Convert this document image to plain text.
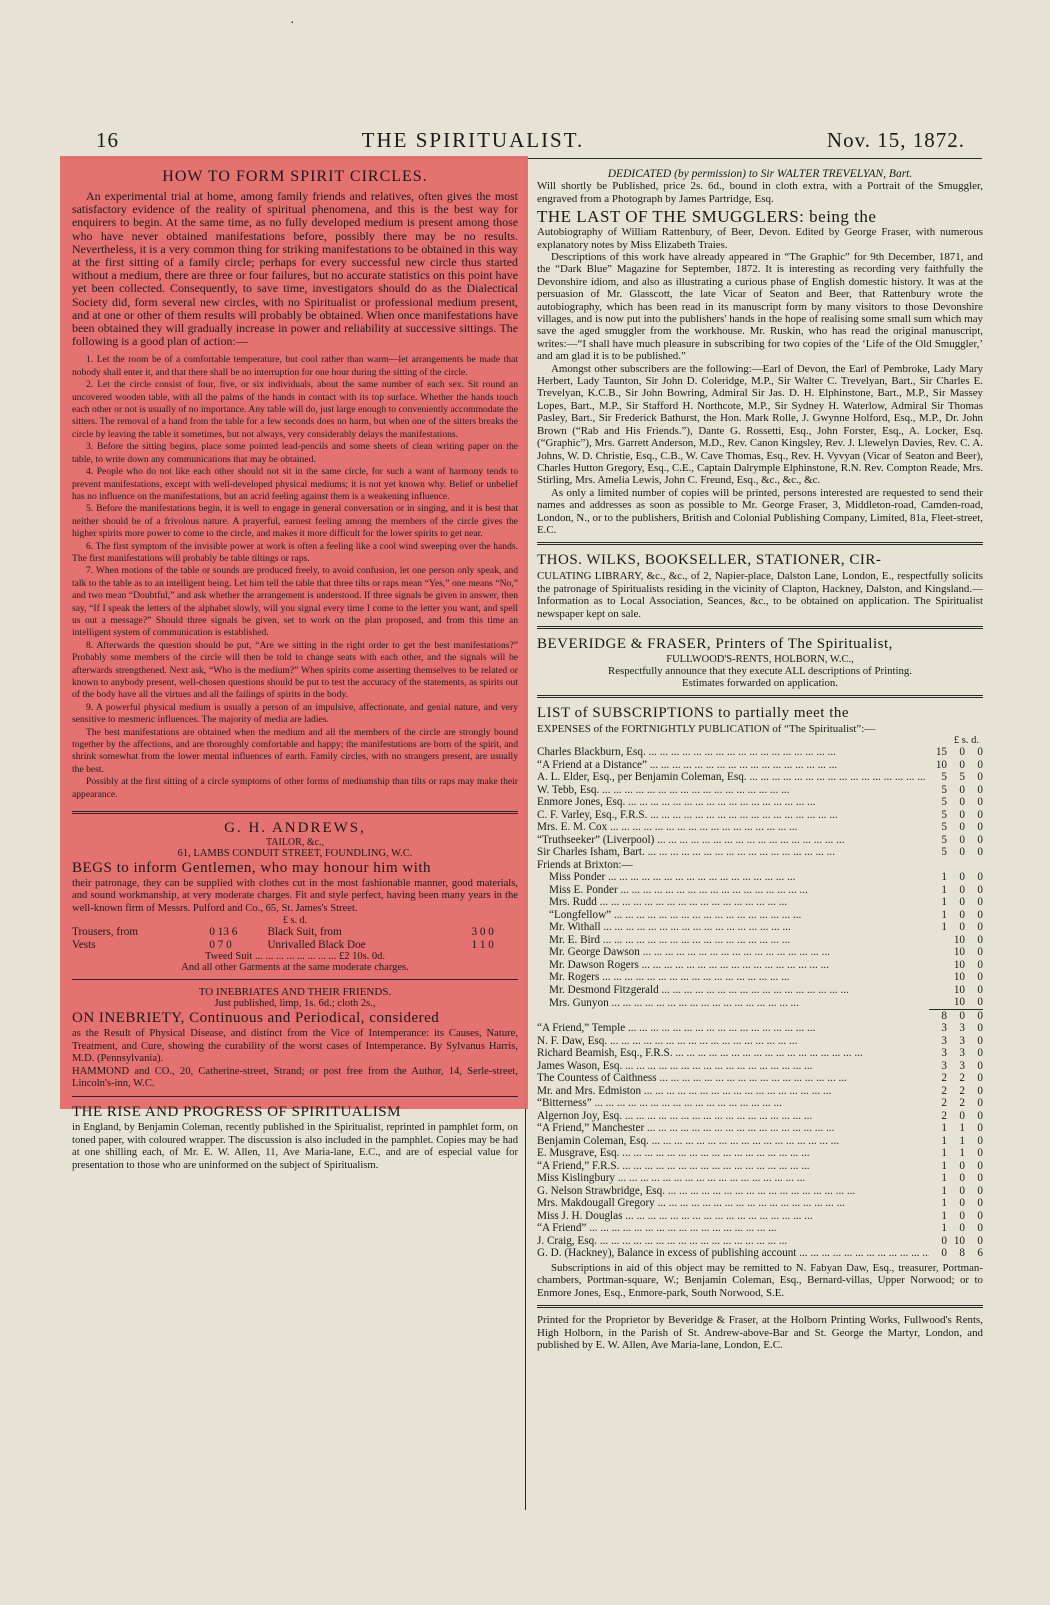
·
16	THE SPIRITUALIST.	Nov. 15, 1872.
HOW TO FORM SPIRIT CIRCLES.

An experimental trial at home, among family friends and relatives, often gives the most satisfactory evidence of the reality of spiritual phenomena, and this is the best way for enquirers to begin. At the same time, as no fully developed medium is present among those who have never obtained manifestations before, possibly there may be no results. Nevertheless, it is a very common thing for striking manifestations to be obtained in this way at the first sitting of a family circle; perhaps for every successful new circle thus started without a medium, there are three or four failures, but no accurate statistics on this point have yet been collected. Consequently, to save time, investigators should do as the Dialectical Society did, form several new circles, with no Spiritualist or professional medium present, and at one or other of them results will probably be obtained. When once manifestations have been obtained they will gradually increase in power and reliability at successive sittings. The following is a good plan of action:—

1. Let the room be of a comfortable temperature, but cool rather than warm—let arrangements be made that nobody shall enter it, and that there shall be no interruption for one hour during the sitting of the circle.

2. Let the circle consist of four, five, or six individuals, about the same number of each sex. Sit round an uncovered wooden table, with all the palms of the hands in contact with its top surface. Whether the hands touch each other or not is usually of no importance. Any table will do, just large enough to conveniently accommodate the sitters. The removal of a hand from the table for a few seconds does no harm, but when one of the sitters breaks the circle by leaving the table it sometimes, but not always, very considerably delays the manifestations.

3. Before the sitting begins, place some pointed lead-pencils and some sheets of clean writing paper on the table, to write down any communications that may be obtained.

4. People who do not like each other should not sit in the same circle, for such a want of harmony tends to prevent manifestations, except with well-developed physical mediums; it is not yet known why. Belief or unbelief has no influence on the manifestations, but an acrid feeling against them is a weakening influence.

5. Before the manifestations begin, it is well to engage in general conversation or in singing, and it is best that neither should be of a frivolous nature. A prayerful, earnest feeling among the members of the circle gives the higher spirits more power to come to the circle, and makes it more difficult for the lower spirits to get near.

6. The first symptom of the invisible power at work is often a feeling like a cool wind sweeping over the hands. The first manifestations will probably be table tiltings or raps.

7. When motions of the table or sounds are produced freely, to avoid confusion, let one person only speak, and talk to the table as to an intelligent being. Let him tell the table that three tilts or raps mean “Yes,” one means “No,” and two mean “Doubtful,” and ask whether the arrangement is understood. If three signals be given in answer, then say, “If I speak the letters of the alphabet slowly, will you signal every time I come to the letter you want, and spell us out a message?” Should three signals be given, set to work on the plan proposed, and from this time an intelligent system of communication is established.

8. Afterwards the question should be put, “Are we sitting in the right order to get the best manifestations?” Probably some members of the circle will then be told to change seats with each other, and the signals will be afterwards strengthened. Next ask, “Who is the medium?” When spirits come asserting themselves to be related or known to anybody present, well-chosen questions should be put to test the accuracy of the statements, as spirits out of the body have all the virtues and all the failings of spirits in the body.

9. A powerful physical medium is usually a person of an impulsive, affectionate, and genial nature, and very sensitive to mesmeric influences. The majority of media are ladies.

The best manifestations are obtained when the medium and all the members of the circle are strongly bound together by the affections, and are thoroughly comfortable and happy; the manifestations are born of the spirit, and shrink somewhat from the lower mental influences of earth. Family circles, with no strangers present, are usually the best.

Possibly at the first sitting of a circle symptoms of other forms of mediumship than tilts or raps may make their appearance.

G. H. ANDREWS,
TAILOR, &c.,
61, LAMBS CONDUIT STREET, FOUNDLING, W.C.

BEGS to inform Gentlemen, who may honour him with

their patronage, they can be supplied with clothes cut in the most fashionable manner, good materials, and sound workmanship, at very moderate charges. Fit and style perfect, having been many years in the well-known firm of Messrs. Pulford and Co., 65, St. James's Street.

£ s. d.
Trousers, from	0 13 6	Black Suit, from	3 0 0
Vests	0 7 0	Unrivalled Black Doe	1 1 0
Tweed Suit ... ... ... ... ... ... ... ... £2 10s. 0d.
And all other Garments at the same moderate charges.
TO INEBRIATES AND THEIR FRIENDS.
Just published, limp, 1s. 6d.; cloth 2s.,

ON INEBRIETY, Continuous and Periodical, considered

as the Result of Physical Disease, and distinct from the Vice of Intemperance: its Causes, Nature, Treatment, and Cure, showing the curability of the worst cases of Intemperance. By Sylvanus Harris, M.D. (Pennsylvania).

HAMMOND and CO., 20, Catherine-street, Strand; or post free from the Author, 14, Serle-street, Lincoln's-inn, W.C.

THE RISE AND PROGRESS OF SPIRITUALISM

in England, by Benjamin Coleman, recently published in the Spiritualist, reprinted in pamphlet form, on toned paper, with coloured wrapper. The discussion is also included in the pamphlet. Copies may be had at one shilling each, of Mr. E. W. Allen, 11, Ave Maria-lane, E.C., and are of especial value for presentation to those who are uninformed on the subject of Spiritualism.

DEDICATED (by permission) to Sir WALTER TREVELYAN, Bart.

Will shortly be Published, price 2s. 6d., bound in cloth extra, with a Portrait of the Smuggler, engraved from a Photograph by James Partridge, Esq.

THE LAST OF THE SMUGGLERS: being the

Autobiography of William Rattenbury, of Beer, Devon. Edited by George Fraser, with numerous explanatory notes by Miss Elizabeth Traies.

Descriptions of this work have already appeared in “The Graphic” for 9th December, 1871, and the “Dark Blue” Magazine for September, 1872. It is interesting as recording very faithfully the Devonshire idiom, and also as illustrating a curious phase of English domestic history. It was at the persuasion of Mr. Glasscott, the late Vicar of Seaton and Beer, that Rattenbury wrote the autobiography, which has been read in its manuscript form by many visitors to those Devonshire villages, and is now put into the publishers' hands in the hope of realising some small sum which may save the aged smuggler from the workhouse. Mr. Ruskin, who has read the original manuscript, writes:—“I shall have much pleasure in subscribing for two copies of the ‘Life of the Old Smuggler,’ and am glad it is to be published.”

Amongst other subscribers are the following:—Earl of Devon, the Earl of Pembroke, Lady Mary Herbert, Lady Taunton, Sir John D. Coleridge, M.P., Sir Walter C. Trevelyan, Bart., Sir Charles E. Trevelyan, K.C.B., Sir John Bowring, Admiral Sir Jas. D. H. Elphinstone, Bart., M.P., Sir Massey Lopes, Bart., M.P., Sir Stafford H. Northcote, M.P., Sir Sydney H. Waterlow, Admiral Sir Thomas Pasley, Bart., Sir Frederick Bathurst, the Hon. Mark Rolle, J. Gwynne Holford, Esq., M.P., Dr. John Brown (“Rab and His Friends.”), Dante G. Rossetti, Esq., John Forster, Esq., A. Locker, Esq. (“Graphic”), Mrs. Garrett Anderson, M.D., Rev. Canon Kingsley, Rev. J. Llewelyn Davies, Rev. C. A. Johns, W. D. Christie, Esq., C.B., W. Cave Thomas, Esq., Rev. H. Vyvyan (Vicar of Seaton and Beer), Charles Hutton Gregory, Esq., C.E., Captain Dalrymple Elphinstone, R.N. Rev. Compton Reade, Mrs. Stirling, Mrs. Amelia Lewis, John C. Freund, Esq., &c., &c., &c.

As only a limited number of copies will be printed, persons interested are requested to send their names and addresses as soon as possible to Mr. George Fraser, 3, Middleton-road, Camden-road, London, N., or to the publishers, British and Colonial Publishing Company, Limited, 81a, Fleet-street, E.C.

THOS. WILKS, BOOKSELLER, STATIONER, CIR-

CULATING LIBRARY, &c., &c., of 2, Napier-place, Dalston Lane, London, E., respectfully solicits the patronage of Spiritualists residing in the vicinity of Clapton, Hackney, Dalston, and Kingsland.—Information as to Local Association, Seances, &c., to be obtained on application. The Spiritualist newspaper kept on sale.

BEVERIDGE & FRASER, Printers of The Spiritualist,

FULLWOOD'S-RENTS, HOLBORN, W.C.,
Respectfully announce that they execute ALL descriptions of Printing.
Estimates forwarded on application.

LIST of SUBSCRIPTIONS to partially meet the

EXPENSES of the FORTNIGHTLY PUBLICATION of “The Spiritualist”:—

£ s. d.
Charles Blackburn, Esq. ... .	15	0	0
“A Friend at a Distance” ... .	10	0	0
A. L. Elder, Esq., per Benjamin Coleman, Esq. ... .	5	5	0
W. Tebb, Esq. ... .	5	0	0
Enmore Jones, Esq. ... .	5	0	0
C. F. Varley, Esq., F.R.S. ... .	5	0	0
Mrs. E. M. Cox ... .	5	0	0
“Truthseeker” (Liverpool) ... .	5	0	0
Sir Charles Isham, Bart. ... .	5	0	0
Friends at Brixton:—			
Miss Ponder ... .	1	0	0
Miss E. Ponder ... .	1	0	0
Mrs. Rudd ... .	1	0	0
“Longfellow” ... .	1	0	0
Mr. Withall ... .	1	0	0
Mr. E. Bird ... .		10	0
Mr. George Dawson ... .		10	0
Mr. Dawson Rogers ... .		10	0
Mr. Rogers ... .		10	0
Mr. Desmond Fitzgerald ... .		10	0
Mrs. Gunyon ... .		10	0
	8	0	0
“A Friend,” Temple ... .	3	3	0
N. F. Daw, Esq. ... .	3	3	0
Richard Beamish, Esq., F.R.S. ... .	3	3	0
James Wason, Esq. ... .	3	3	0
The Countess of Caithness ... .	2	2	0
Mr. and Mrs. Edmiston ... .	2	2	0
“Bitterness” ... .	2	2	0
Algernon Joy, Esq. ... .	2	0	0
“A Friend,” Manchester ... .	1	1	0
Benjamin Coleman, Esq. ... .	1	1	0
E. Musgrave, Esq. ... .	1	1	0
“A Friend,” F.R.S. ... .	1	0	0
Miss Kislingbury ... .	1	0	0
G. Nelson Strawbridge, Esq. ... .	1	0	0
Mrs. Makdougall Gregory ... .	1	0	0
Miss J. H. Douglas ... .	1	0	0
“A Friend” ... .	1	0	0
J. Craig, Esq. ... .	0	10	0
G. D. (Hackney), Balance in excess of publishing account ... .	0	8	6

Subscriptions in aid of this object may be remitted to N. Fabyan Daw, Esq., treasurer, Portman-chambers, Portman-square, W.; Benjamin Coleman, Esq., Bernard-villas, Upper Norwood; or to Enmore Jones, Esq., Enmore-park, South Norwood, S.E.

Printed for the Proprietor by Beveridge & Fraser, at the Holborn Printing Works, Fullwood's Rents, High Holborn, in the Parish of St. Andrew-above-Bar and St. George the Martyr, London, and published by E. W. Allen, Ave Maria-lane, London, E.C.
